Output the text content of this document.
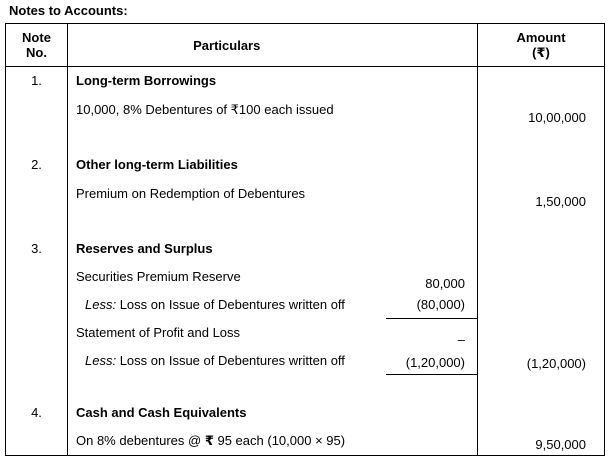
Notes to Accounts:
Note
No.	Particulars		Amount
(₹)
1.	Long-term Borrowings		
	10,000, 8% Debentures of ₹100 each issued		10,00,000

2.	Other long-term Liabilities		
	Premium on Redemption of Debentures		1,50,000

3.	Reserves and Surplus		
	Securities Premium Reserve	80,000	
	Less: Loss on Issue of Debentures written off	(80,000)	
	Statement of Profit and Loss	–	
	Less: Loss on Issue of Debentures written off	(1,20,000)	(1,20,000)

4.	Cash and Cash Equivalents		
	On 8% debentures @ ₹ 95 each (10,000 × 95)		9,50,000
